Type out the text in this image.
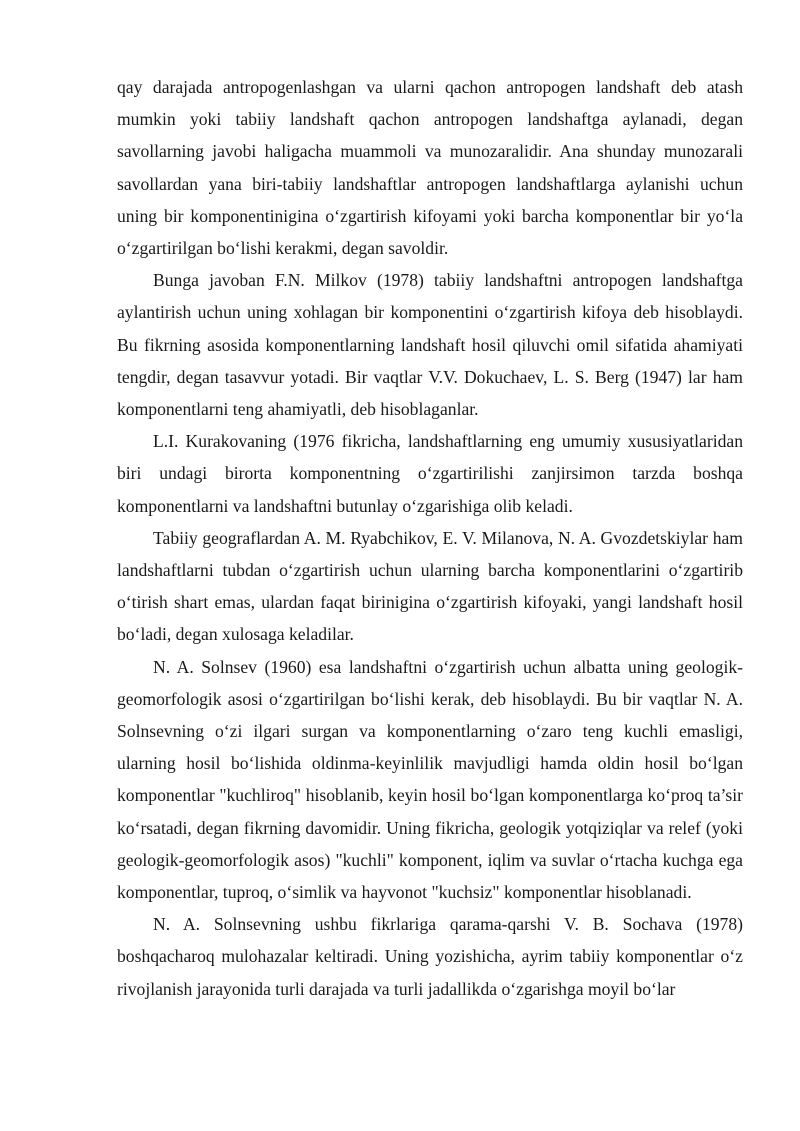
qay darajada antropogenlashgan va ularni qachon antropogen landshaft deb atash mumkin yoki tabiiy landshaft qachon antropogen landshaftga aylanadi, degan savollarning javobi haligacha muammoli va munozaralidir. Ana shunday munozarali savollardan yana biri-tabiiy landshaftlar antropogen landshaftlarga aylanishi uchun uning bir komponentinigina o‘zgartirish kifoyami yoki barcha komponentlar bir yo‘la o‘zgartirilgan bo‘lishi kerakmi, degan savoldir.

Bunga javoban F.N. Milkov (1978) tabiiy landshaftni antropogen landshaftga aylantirish uchun uning xohlagan bir komponentini o‘zgartirish kifoya deb hisoblaydi. Bu fikrning asosida komponentlarning landshaft hosil qiluvchi omil sifatida ahamiyati tengdir, degan tasavvur yotadi. Bir vaqtlar V.V. Dokuchaev, L. S. Berg (1947) lar ham komponentlarni teng ahamiyatli, deb hisoblaganlar.

L.I. Kurakovaning (1976 fikricha, landshaftlarning eng umumiy xususiyatlaridan biri undagi birorta komponentning o‘zgartirilishi zanjirsimon tarzda boshqa komponentlarni va landshaftni butunlay o‘zgarishiga olib keladi.

Tabiiy geograflardan A. M. Ryabchikov, E. V. Milanova, N. A. Gvozdetskiylar ham landshaftlarni tubdan o‘zgartirish uchun ularning barcha komponentlarini o‘zgartirib o‘tirish shart emas, ulardan faqat birinigina o‘zgartirish kifoyaki, yangi landshaft hosil bo‘ladi, degan xulosaga keladilar.

N. A. Solnsev (1960) esa landshaftni o‘zgartirish uchun albatta uning geologik-geomorfologik asosi o‘zgartirilgan bo‘lishi kerak, deb hisoblaydi. Bu bir vaqtlar N. A. Solnsevning o‘zi ilgari surgan va komponentlarning o‘zaro teng kuchli emasligi, ularning hosil bo‘lishida oldinma-keyinlilik mavjudligi hamda oldin hosil bo‘lgan komponentlar "kuchliroq" hisoblanib, keyin hosil bo‘lgan komponentlarga ko‘proq ta’sir ko‘rsatadi, degan fikrning davomidir. Uning fikricha, geologik yotqiziqlar va relef (yoki geologik-geomorfologik asos) "kuchli" komponent, iqlim va suvlar o‘rtacha kuchga ega komponentlar, tuproq, o‘simlik va hayvonot "kuchsiz" komponentlar hisoblanadi.

N. A. Solnsevning ushbu fikrlariga qarama-qarshi V. B. Sochava (1978) boshqacharoq mulohazalar keltiradi. Uning yozishicha, ayrim tabiiy komponentlar o‘z rivojlanish jarayonida turli darajada va turli jadallikda o‘zgarishga moyil bo‘lar
